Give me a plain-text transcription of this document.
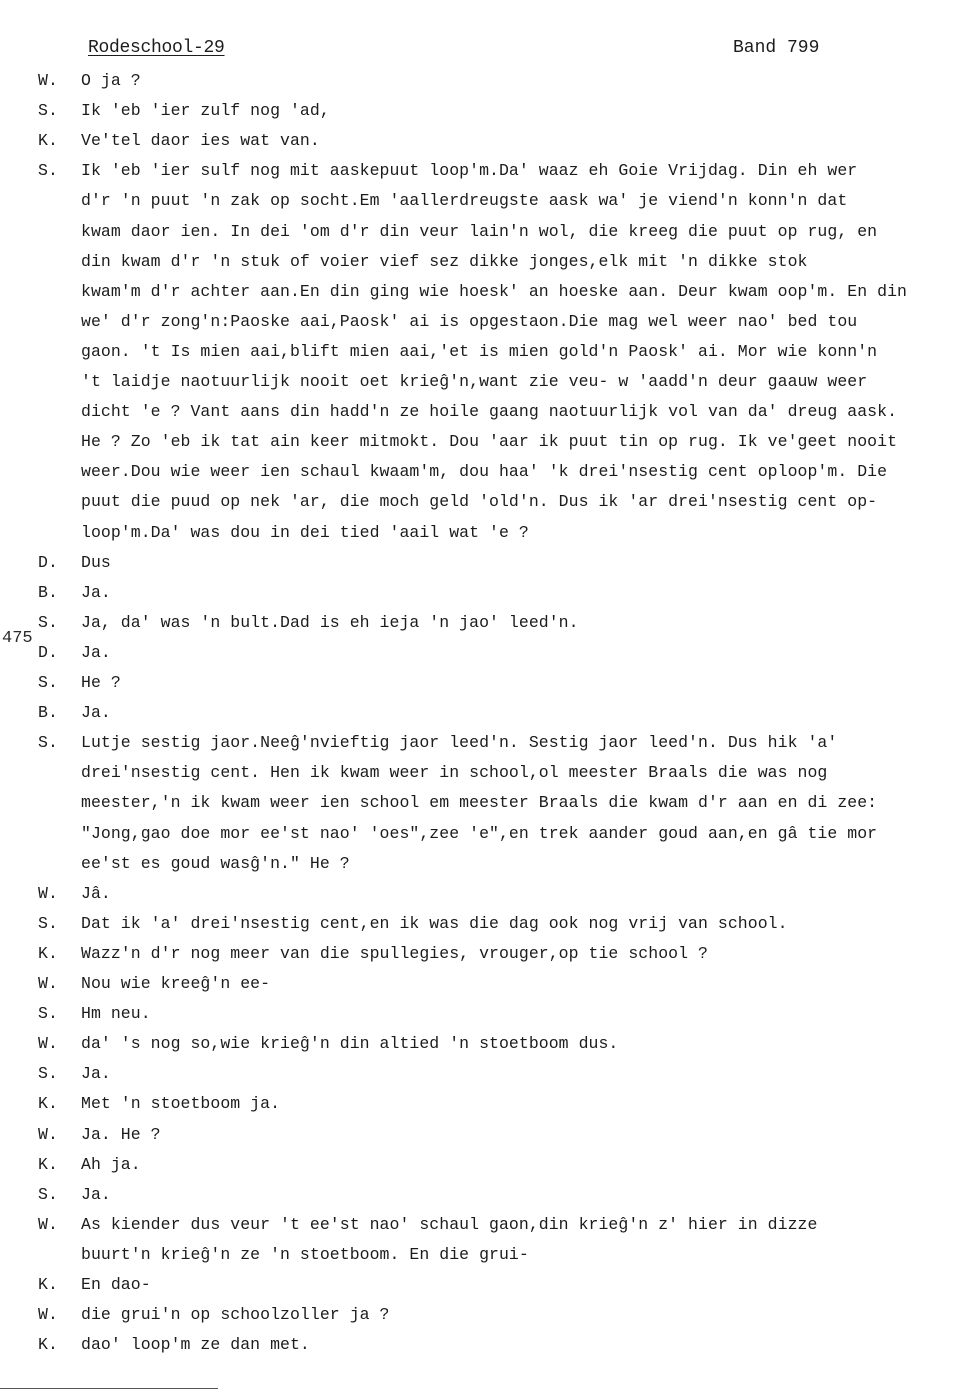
Rodeschool-29	Band 799
475
W.	O ja ?
S.	Ik 'eb 'ier zulf nog 'ad,
K.	Ve'tel daor ies wat van.
S.	Ik 'eb 'ier sulf nog mit aaskepuut loop'm.Da' waaz eh Goie Vrijdag. Din eh wer
d'r 'n puut 'n zak op socht.Em 'aallerdreugste aask wa' je viend'n konn'n dat
kwam daor ien. In dei 'om d'r din veur lain'n wol, die kreeg die puut op rug, en
din kwam d'r 'n stuk of voier vief sez dikke jonges,elk mit 'n dikke stok
kwam'm d'r achter aan.En din ging wie hoesk' an hoeske aan. Deur kwam oop'm. En din
we' d'r zong'n:Paoske aai,Paosk' ai is opgestaon.Die mag wel weer nao' bed tou
gaon. 't Is mien aai,blift mien aai,'et is mien gold'n Paosk' ai. Mor wie konn'n
't laidje naotuurlijk nooit oet krieĝ'n,want zie veu- w 'aadd'n deur gaauw weer
dicht 'e ? Vant aans din hadd'n ze hoile gaang naotuurlijk vol van da' dreug aask.
He ? Zo 'eb ik tat ain keer mitmokt. Dou 'aar ik puut tin op rug. Ik ve'geet nooit
weer.Dou wie weer ien schaul kwaam'm, dou haa' 'k drei'nsestig cent oploop'm. Die
puut die puud op nek 'ar, die moch geld 'old'n. Dus ik 'ar drei'nsestig cent op-
loop'm.Da' was dou in dei tied 'aail wat 'e ?
D.	Dus
B.	Ja.
S.	Ja, da' was 'n bult.Dad is eh ieja 'n jao' leed'n.
D.	Ja.
S.	He ?
B.	Ja.
S.	Lutje sestig jaor.Neeĝ'nvieftig jaor leed'n. Sestig jaor leed'n. Dus hik 'a'
drei'nsestig cent. Hen ik kwam weer in school,ol meester Braals die was nog
meester,'n ik kwam weer ien school em meester Braals die kwam d'r aan en di zee:
"Jong,gao doe mor ee'st nao' 'oes",zee 'e",en trek aander goud aan,en gâ tie mor
ee'st es goud wasĝ'n." He ?
W.	Jâ.
S.	Dat ik 'a' drei'nsestig cent,en ik was die dag ook nog vrij van school.
K.	Wazz'n d'r nog meer van die spullegies, vrouger,op tie school ?
W.	Nou wie kreeĝ'n ee-
S.	Hm neu.
W.	da' 's nog so,wie krieĝ'n din altied 'n stoetboom dus.
S.	Ja.
K.	Met 'n stoetboom ja.
W.	Ja. He ?
K.	Ah ja.
S.	Ja.
W.	As kiender dus veur 't ee'st nao' schaul gaon,din krieĝ'n z' hier in dizze
buurt'n krieĝ'n ze 'n stoetboom. En die grui-
K.	En dao-
W.	die grui'n op schoolzoller ja ?
K.	dao' loop'm ze dan met.
